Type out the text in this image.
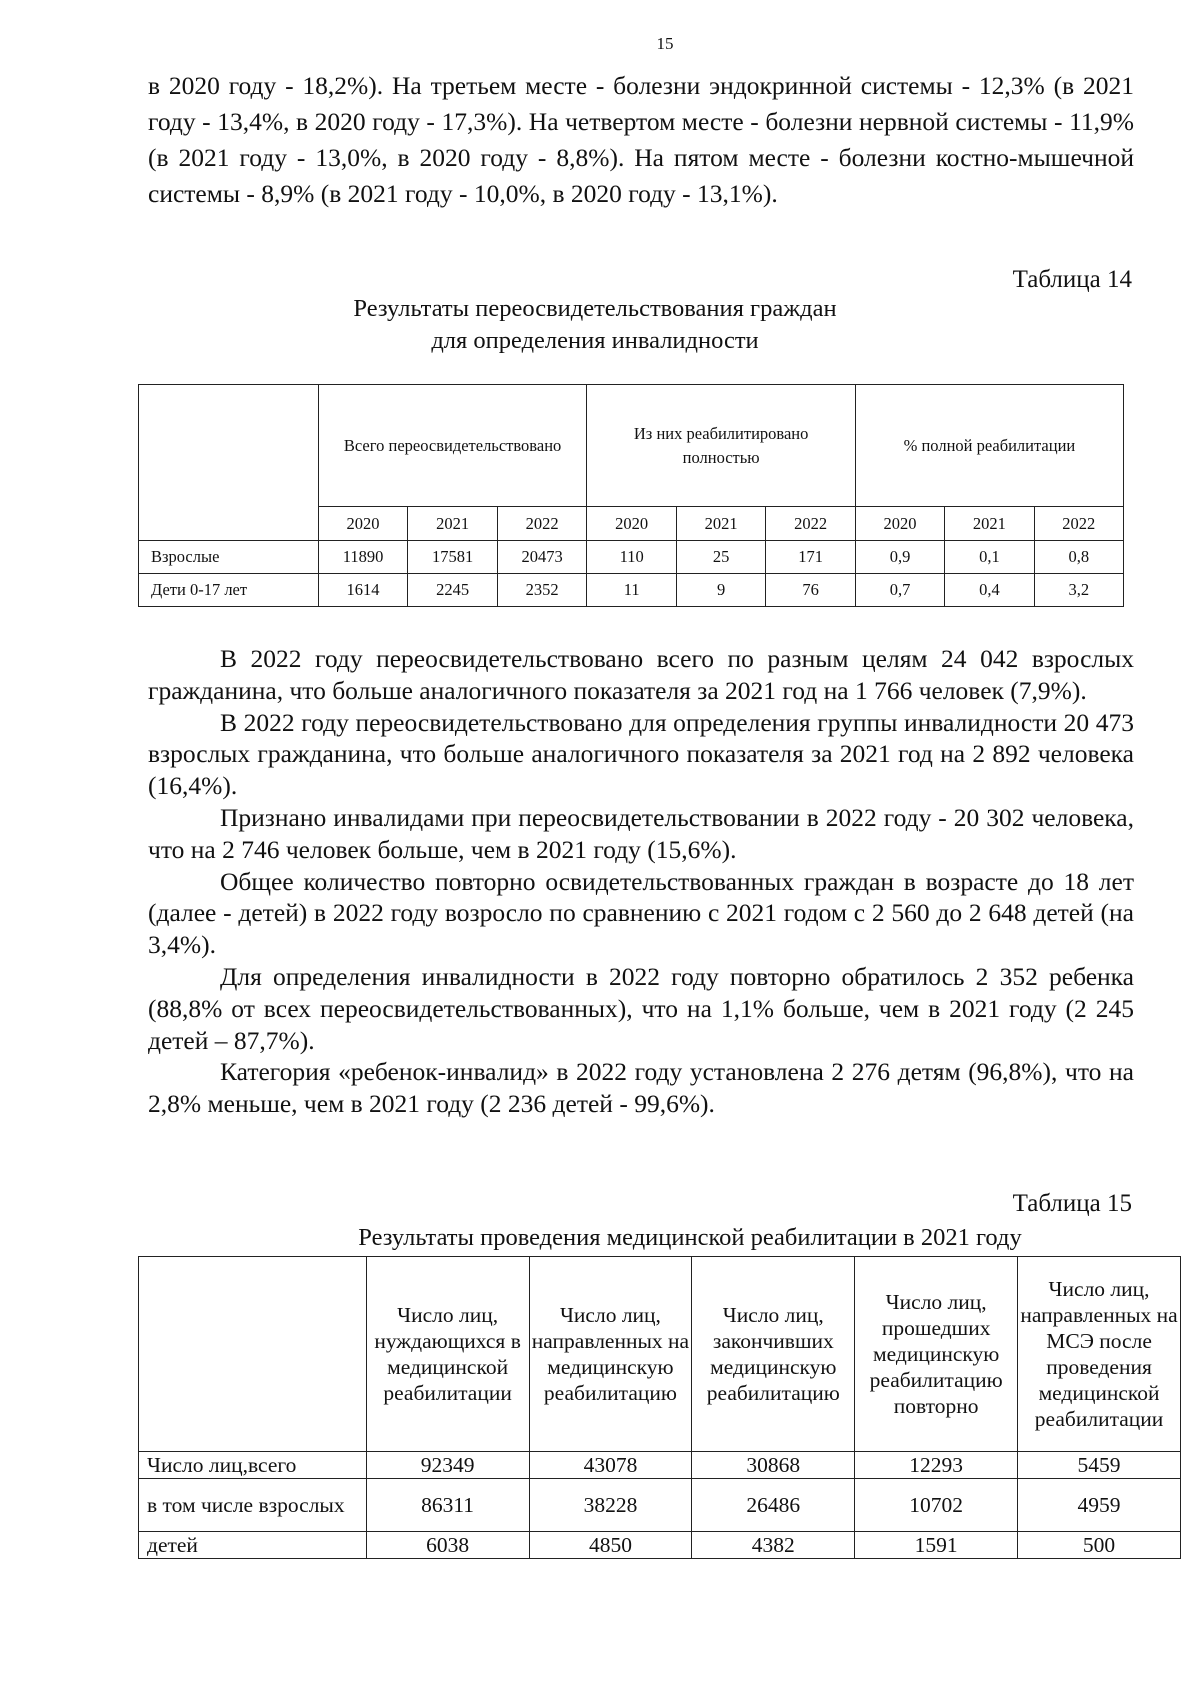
15

в 2020 году - 18,2%). На третьем месте - болезни эндокринной системы - 12,3% (в 2021 году - 13,4%, в 2020 году - 17,3%). На четвертом месте - болезни нервной системы - 11,9% (в 2021 году - 13,0%, в 2020 году - 8,8%). На пятом месте - болезни костно-мышечной системы - 8,9% (в 2021 году - 10,0%, в 2020 году - 13,1%).

Таблица 14
Результаты переосвидетельствования граждан
для определения инвалидности
	Всего переосвидетельствовано			Из них реабилитировано полностью			% полной реабилитации		
	2020	2021	2022	2020	2021	2022	2020	2021	2022
Взрослые	11890	17581	20473	110	25	171	0,9	0,1	0,8
Дети 0-17 лет	1614	2245	2352	11	9	76	0,7	0,4	3,2

В 2022 году переосвидетельствовано всего по разным целям 24 042 взрослых гражданина, что больше аналогичного показателя за 2021 год на 1 766 человек (7,9%).

В 2022 году переосвидетельствовано для определения группы инвалидности 20 473 взрослых гражданина, что больше аналогичного показателя за 2021 год на 2 892 человека (16,4%).

Признано инвалидами при переосвидетельствовании в 2022 году - 20 302 человека, что на 2 746 человек больше, чем в 2021 году (15,6%).

Общее количество повторно освидетельствованных граждан в возрасте до 18 лет (далее - детей) в 2022 году возросло по сравнению с 2021 годом с 2 560 до 2 648 детей (на 3,4%).

Для определения инвалидности в 2022 году повторно обратилось 2 352 ребенка (88,8% от всех переосвидетельствованных), что на 1,1% больше, чем в 2021 году (2 245 детей – 87,7%).

Категория «ребенок-инвалид» в 2022 году установлена 2 276 детям (96,8%), что на 2,8% меньше, чем в 2021 году (2 236 детей - 99,6%).

Таблица 15
Результаты проведения медицинской реабилитации в 2021 году
	Число лиц, нуждающихся в медицинской реабилитации	Число лиц, направленных на медицинскую реабилитацию	Число лиц, закончивших медицинскую реабилитацию	Число лиц, прошедших медицинскую реабилитацию повторно	Число лиц, направленных на МСЭ после проведения медицинской реабилитации
Число лиц,всего	92349	43078	30868	12293	5459
в том числе взрослых	86311	38228	26486	10702	4959
детей	6038	4850	4382	1591	500
